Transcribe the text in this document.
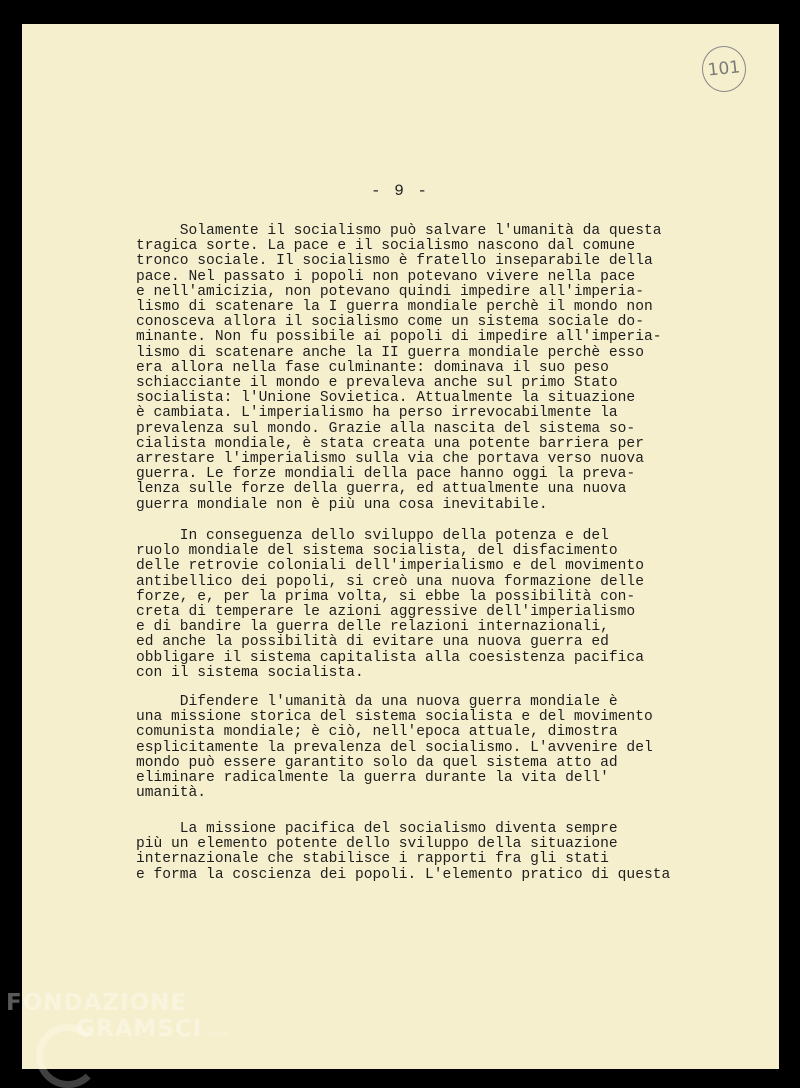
101
- 9 -
Solamente il socialismo può salvare l'umanità da questa
tragica sorte. La pace e il socialismo nascono dal comune
tronco sociale. Il socialismo è fratello inseparabile della
pace. Nel passato i popoli non potevano vivere nella pace
e nell'amicizia, non potevano quindi impedire all'imperia-
lismo di scatenare la I guerra mondiale perchè il mondo non
conosceva allora il socialismo come un sistema sociale do-
minante. Non fu possibile ai popoli di impedire all'imperia-
lismo di scatenare anche la II guerra mondiale perchè esso
era allora nella fase culminante: dominava il suo peso
schiacciante il mondo e prevaleva anche sul primo Stato
socialista: l'Unione Sovietica. Attualmente la situazione
è cambiata. L'imperialismo ha perso irrevocabilmente la
prevalenza sul mondo. Grazie alla nascita del sistema so-
cialista mondiale, è stata creata una potente barriera per
arrestare l'imperialismo sulla via che portava verso nuova
guerra. Le forze mondiali della pace hanno oggi la preva-
lenza sulle forze della guerra, ed attualmente una nuova
guerra mondiale non è più una cosa inevitabile.
In conseguenza dello sviluppo della potenza e del
ruolo mondiale del sistema socialista, del disfacimento
delle retrovie coloniali dell'imperialismo e del movimento
antibellico dei popoli, si creò una nuova formazione delle
forze, e, per la prima volta, si ebbe la possibilità con-
creta di temperare le azioni aggressive dell'imperialismo
e di bandire la guerra delle relazioni internazionali,
ed anche la possibilità di evitare una nuova guerra ed
obbligare il sistema capitalista alla coesistenza pacifica
con il sistema socialista.
Difendere l'umanità da una nuova guerra mondiale è
una missione storica del sistema socialista e del movimento
comunista mondiale; è ciò, nell'epoca attuale, dimostra
esplicitamente la prevalenza del socialismo. L'avvenire del
mondo può essere garantito solo da quel sistema atto ad
eliminare radicalmente la guerra durante la vita dell'
umanità.
La missione pacifica del socialismo diventa sempre
più un elemento potente dello sviluppo della situazione
internazionale che stabilisce i rapporti fra gli stati
e forma la coscienza dei popoli. L'elemento pratico di questa
FONDAZIONE
GRAMSCI onlus
